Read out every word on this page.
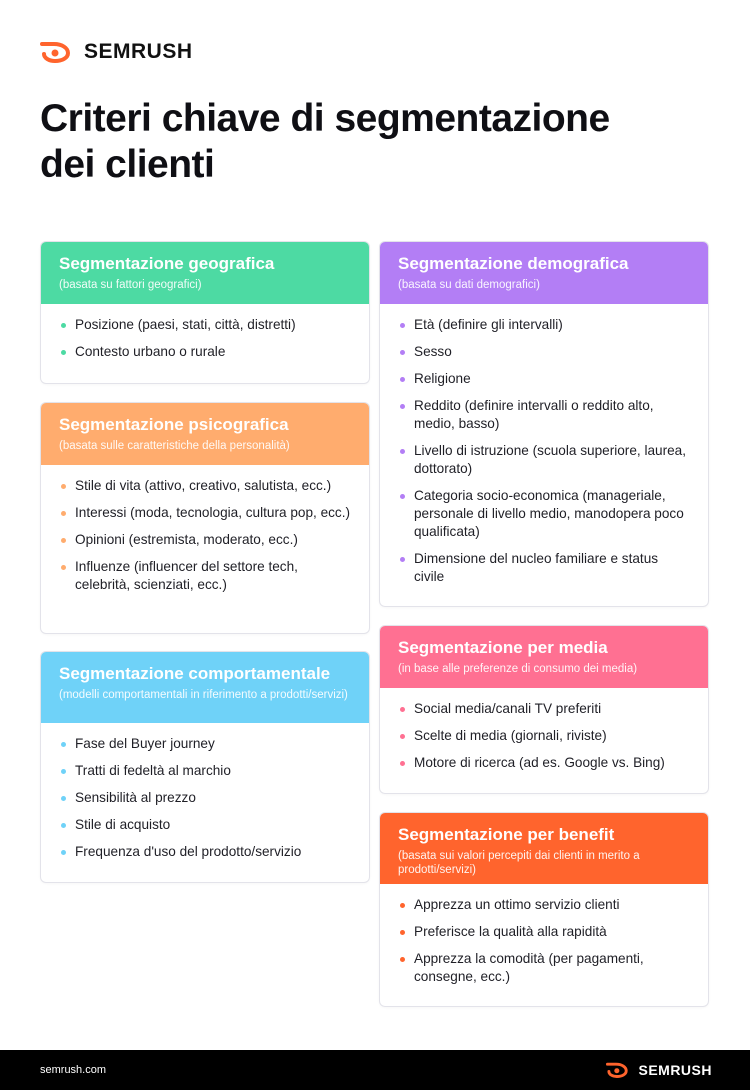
SEMRUSH
Criteri chiave di segmentazione
dei clienti
Segmentazione geografica
(basata su fattori geografici)
Posizione (paesi, stati, città, distretti)
Contesto urbano o rurale
Segmentazione psicografica
(basata sulle caratteristiche della personalità)
Stile di vita (attivo, creativo, salutista, ecc.)
Interessi (moda, tecnologia, cultura pop, ecc.)
Opinioni (estremista, moderato, ecc.)
Influenze (influencer del settore tech, celebrità, scienziati, ecc.)
Segmentazione comportamentale
(modelli comportamentali in riferimento a prodotti/servizi)
Fase del Buyer journey
Tratti di fedeltà al marchio
Sensibilità al prezzo
Stile di acquisto
Frequenza d'uso del prodotto/servizio
Segmentazione demografica
(basata su dati demografici)
Età (definire gli intervalli)
Sesso
Religione
Reddito (definire intervalli o reddito alto, medio, basso)
Livello di istruzione (scuola superiore, laurea, dottorato)
Categoria socio-economica (manageriale, personale di livello medio, manodopera poco qualificata)
Dimensione del nucleo familiare e status civile
Segmentazione per media
(in base alle preferenze di consumo dei media)
Social media/canali TV preferiti
Scelte di media (giornali, riviste)
Motore di ricerca (ad es. Google vs. Bing)
Segmentazione per benefit
(basata sui valori percepiti dai clienti in merito a prodotti/servizi)
Apprezza un ottimo servizio clienti
Preferisce la qualità alla rapidità
Apprezza la comodità (per pagamenti, consegne, ecc.)
semrush.com	SEMRUSH
